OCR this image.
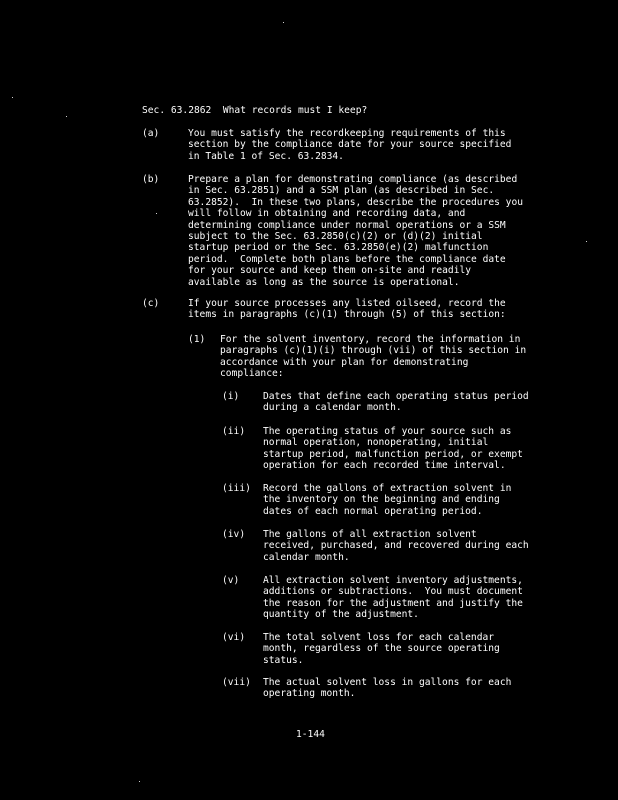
Sec. 63.2862  What records must I keep?
(a)	You must satisfy the recordkeeping requirements of this
section by the compliance date for your source specified
in Table 1 of Sec. 63.2834.
(b)	Prepare a plan for demonstrating compliance (as described
in Sec. 63.2851) and a SSM plan (as described in Sec.
63.2852).  In these two plans, describe the procedures you
will follow in obtaining and recording data, and
determining compliance under normal operations or a SSM
subject to the Sec. 63.2850(c)(2) or (d)(2) initial
startup period or the Sec. 63.2850(e)(2) malfunction
period.  Complete both plans before the compliance date
for your source and keep them on-site and readily
available as long as the source is operational.
(c)	If your source processes any listed oilseed, record the
items in paragraphs (c)(1) through (5) of this section:
(1) For the solvent inventory, record the information in
paragraphs (c)(1)(i) through (vii) of this section in
accordance with your plan for demonstrating
compliance:
(i) Dates that define each operating status period
during a calendar month.
(ii) The operating status of your source such as
normal operation, nonoperating, initial
startup period, malfunction period, or exempt
operation for each recorded time interval.
(iii) Record the gallons of extraction solvent in
the inventory on the beginning and ending
dates of each normal operating period.
(iv) The gallons of all extraction solvent
received, purchased, and recovered during each
calendar month.
(v) All extraction solvent inventory adjustments,
additions or subtractions.  You must document
the reason for the adjustment and justify the
quantity of the adjustment.
(vi) The total solvent loss for each calendar
month, regardless of the source operating
status.
(vii) The actual solvent loss in gallons for each
operating month.
1-144
